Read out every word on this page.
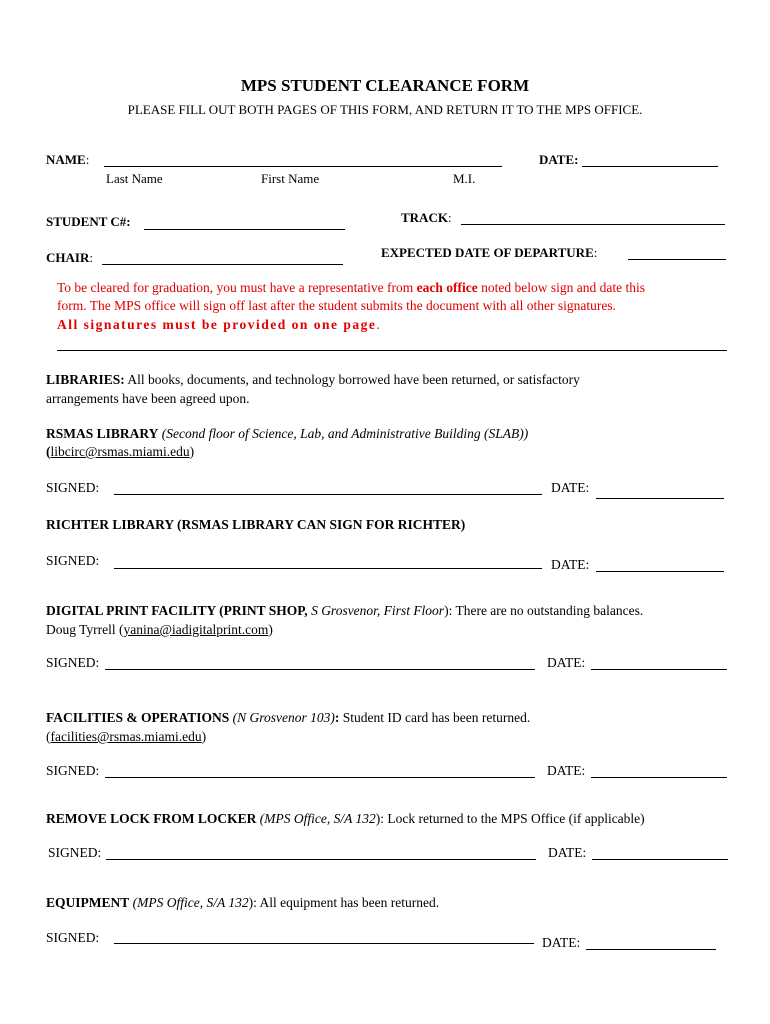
MPS STUDENT CLEARANCE FORM
PLEASE FILL OUT BOTH PAGES OF THIS FORM, AND RETURN IT TO THE MPS OFFICE.
NAME:
Last Name	First Name	M.I.
DATE:
STUDENT C#:	TRACK:
CHAIR:	EXPECTED DATE OF DEPARTURE:
To be cleared for graduation, you must have a representative from each office noted below sign and date this
form. The MPS office will sign off last after the student submits the document with all other signatures.
All signatures must be provided on one page.
LIBRARIES: All books, documents, and technology borrowed have been returned, or satisfactory
arrangements have been agreed upon.
RSMAS LIBRARY (Second floor of Science, Lab, and Administrative Building (SLAB))
(libcirc@rsmas.miami.edu)
SIGNED:	DATE:
RICHTER LIBRARY (RSMAS LIBRARY CAN SIGN FOR RICHTER)
SIGNED:	DATE:
DIGITAL PRINT FACILITY (PRINT SHOP, S Grosvenor, First Floor): There are no outstanding balances.
Doug Tyrrell (yanina@iadigitalprint.com)
SIGNED:	DATE:
FACILITIES & OPERATIONS (N Grosvenor 103): Student ID card has been returned.
(facilities@rsmas.miami.edu)
SIGNED:	DATE:
REMOVE LOCK FROM LOCKER (MPS Office, S/A 132): Lock returned to the MPS Office (if applicable)
SIGNED:	DATE:
EQUIPMENT (MPS Office, S/A 132): All equipment has been returned.
SIGNED:	DATE:
